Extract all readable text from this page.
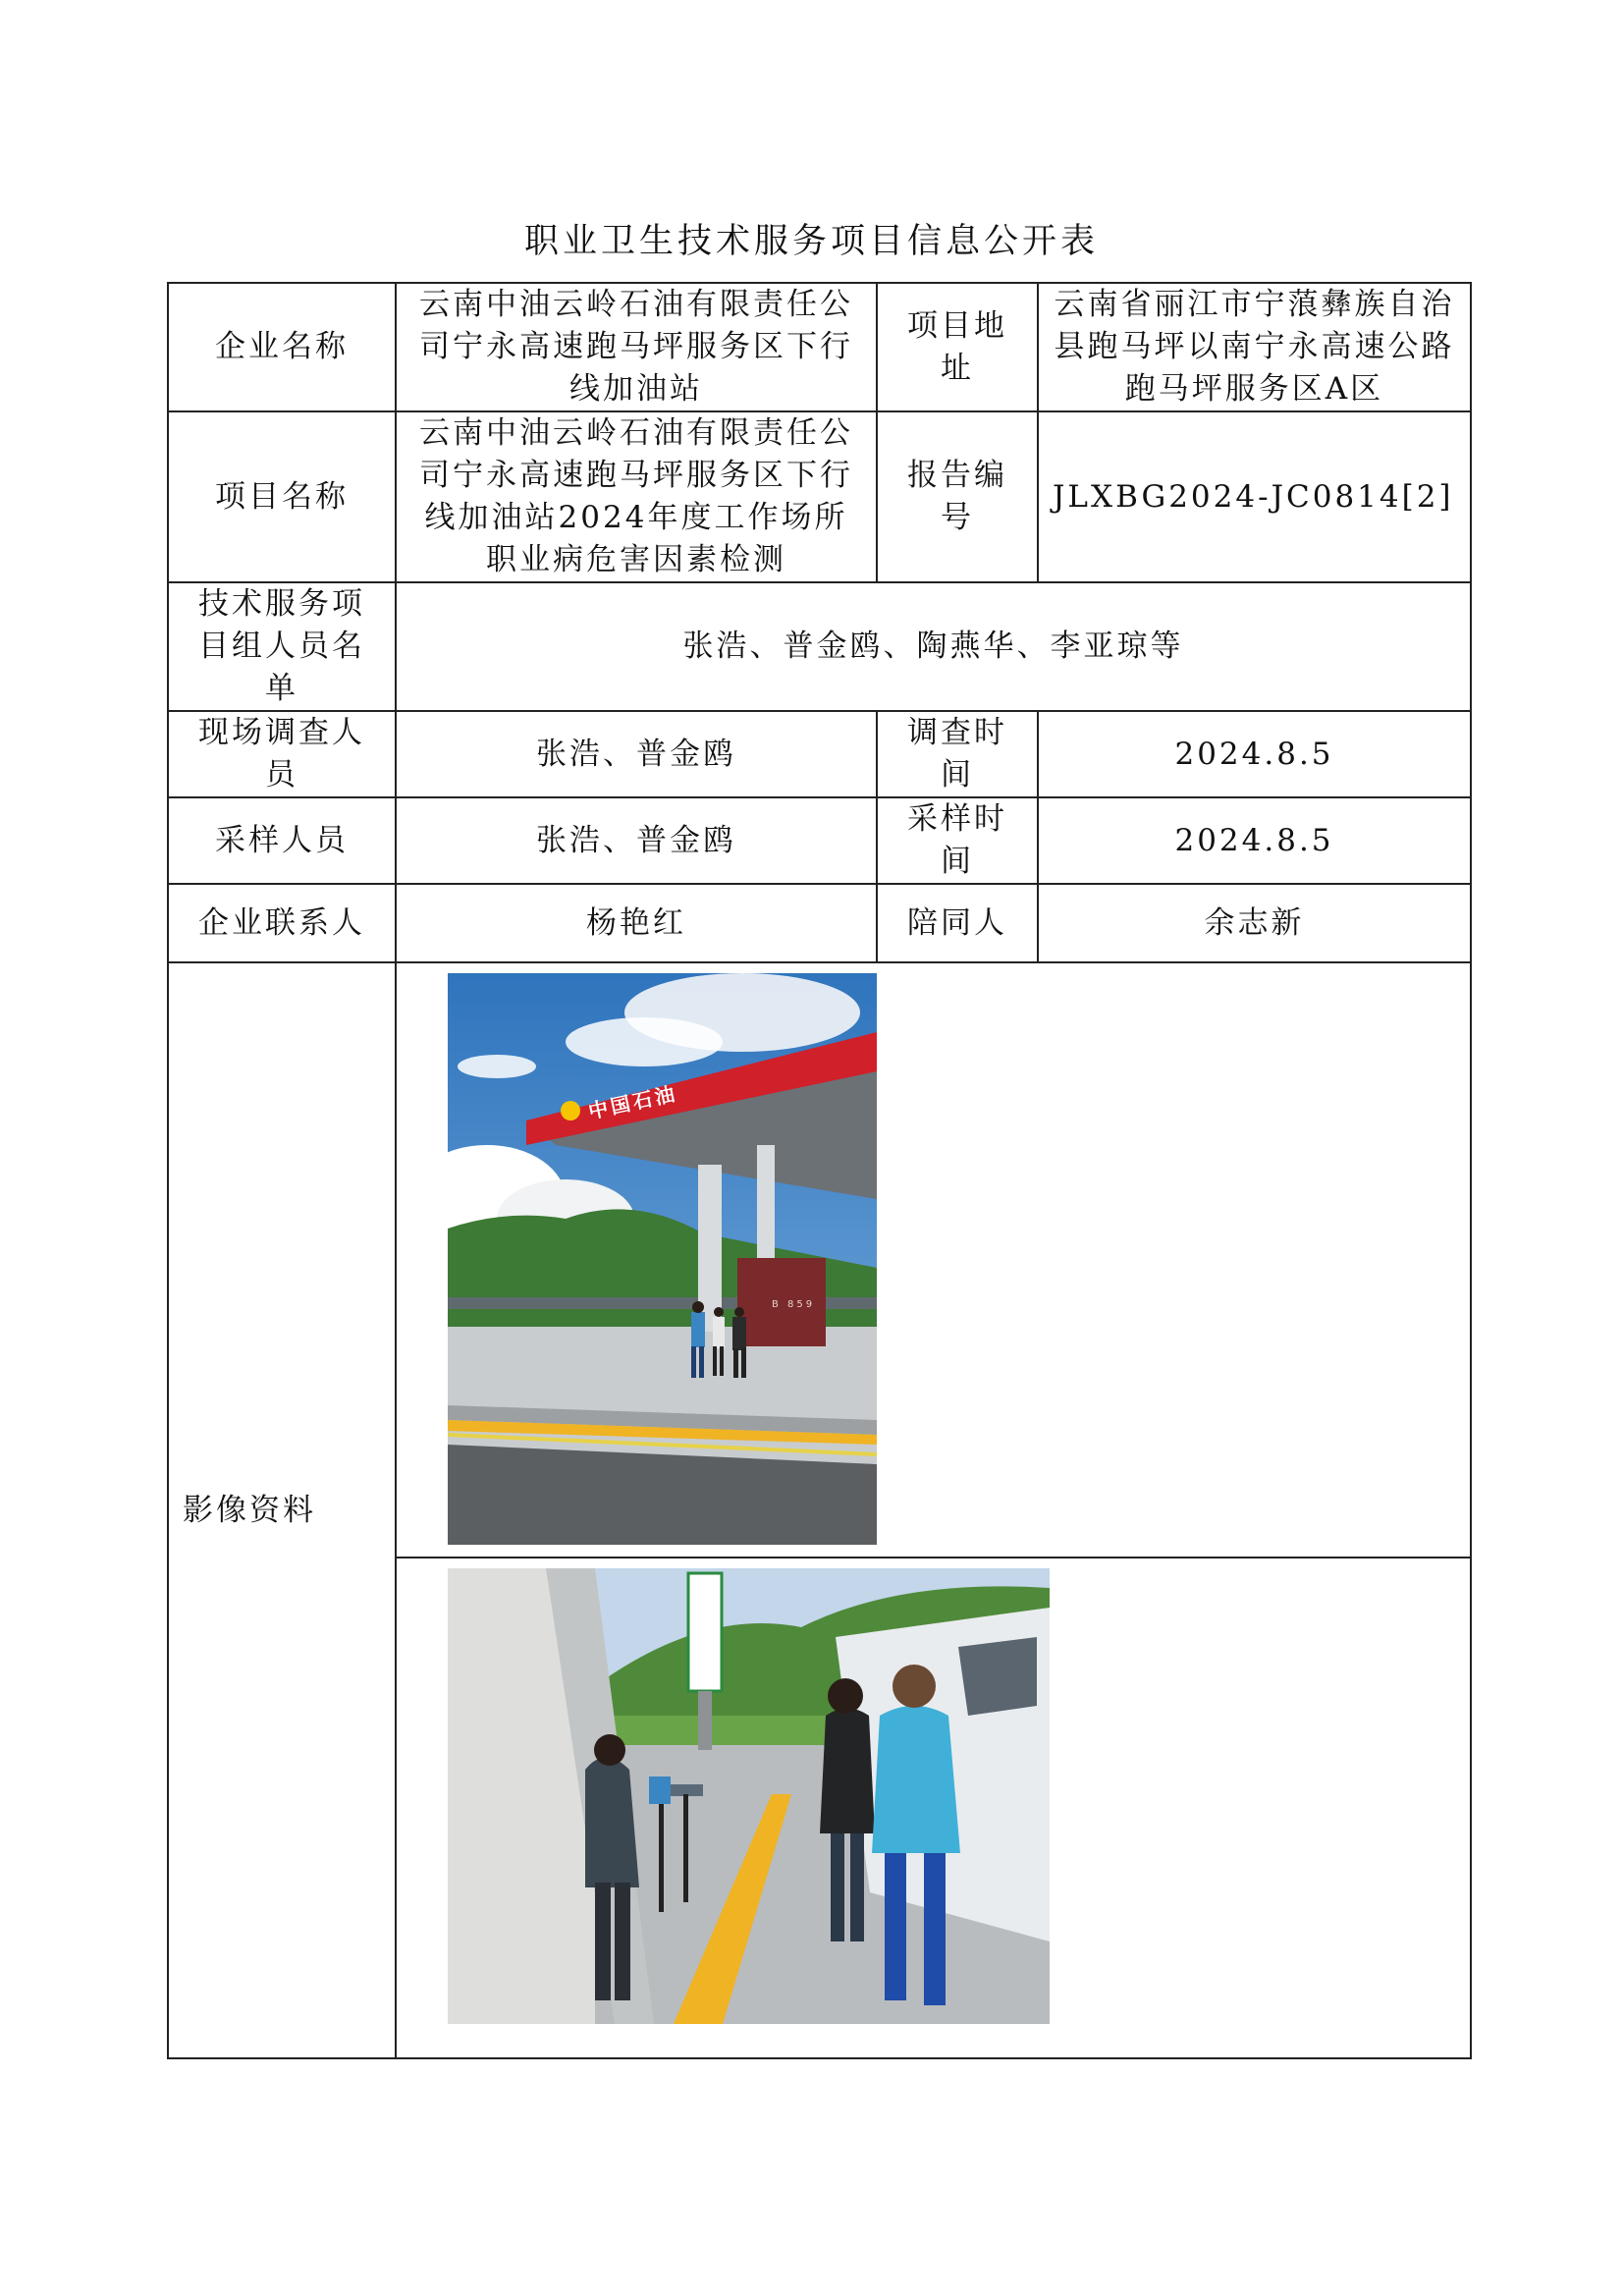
职业卫生技术服务项目信息公开表
企业名称	云南中油云岭石油有限责任公司宁永高速跑马坪服务区下行线加油站	项目地址	云南省丽江市宁蒗彝族自治县跑马坪以南宁永高速公路跑马坪服务区A区
项目名称	云南中油云岭石油有限责任公司宁永高速跑马坪服务区下行线加油站2024年度工作场所职业病危害因素检测	报告编号	JLXBG2024-JC0814[2]
技术服务项目组人员名单	张浩、普金鸥、陶燕华、李亚琼等		
现场调查人员	张浩、普金鸥	调查时间	2024.8.5
采样人员	张浩、普金鸥	采样时间	2024.8.5
企业联系人	杨艳红	陪同人	余志新
影像资料	中国石油
B 859		
